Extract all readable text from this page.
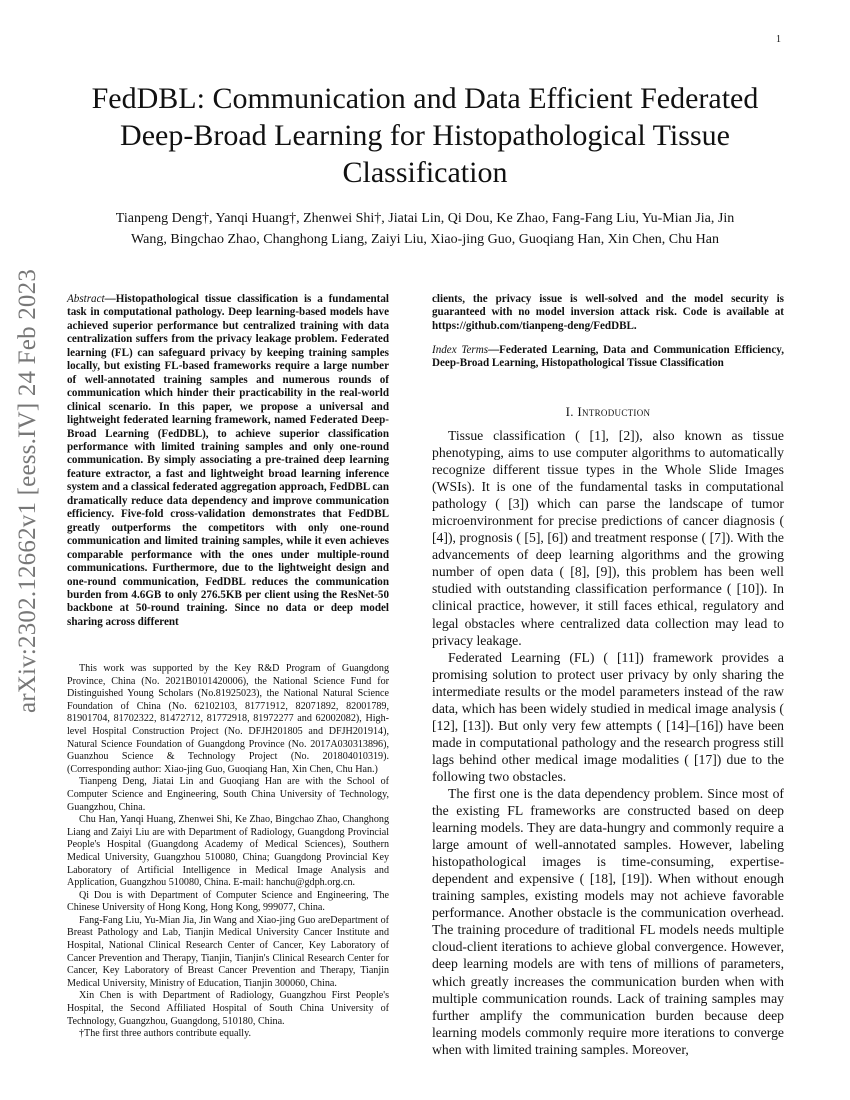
1
arXiv:2302.12662v1 [eess.IV] 24 Feb 2023
FedDBL: Communication and Data Efficient Federated Deep-Broad Learning for Histopathological Tissue Classification
Tianpeng Deng†, Yanqi Huang†, Zhenwei Shi†, Jiatai Lin, Qi Dou, Ke Zhao, Fang-Fang Liu, Yu-Mian Jia, Jin
Wang, Bingchao Zhao, Changhong Liang, Zaiyi Liu, Xiao-jing Guo, Guoqiang Han, Xin Chen, Chu Han
Abstract—Histopathological tissue classification is a fundamental task in computational pathology. Deep learning-based models have achieved superior performance but centralized training with data centralization suffers from the privacy leakage problem. Federated learning (FL) can safeguard privacy by keeping training samples locally, but existing FL-based frameworks require a large number of well-annotated training samples and numerous rounds of communication which hinder their practicability in the real-world clinical scenario. In this paper, we propose a universal and lightweight federated learning framework, named Federated Deep-Broad Learning (FedDBL), to achieve superior classification performance with limited training samples and only one-round communication. By simply associating a pre-trained deep learning feature extractor, a fast and lightweight broad learning inference system and a classical federated aggregation approach, FedDBL can dramatically reduce data dependency and improve communication efficiency. Five-fold cross-validation demonstrates that FedDBL greatly outperforms the competitors with only one-round communication and limited training samples, while it even achieves comparable performance with the ones under multiple-round communications. Furthermore, due to the lightweight design and one-round communication, FedDBL reduces the communication burden from 4.6GB to only 276.5KB per client using the ResNet-50 backbone at 50-round training. Since no data or deep model sharing across different

This work was supported by the Key R&D Program of Guangdong Province, China (No. 2021B0101420006), the National Science Fund for Distinguished Young Scholars (No.81925023), the National Natural Science Foundation of China (No. 62102103, 81771912, 82071892, 82001789, 81901704, 81702322, 81472712, 81772918, 81972277 and 62002082), High-level Hospital Construction Project (No. DFJH201805 and DFJH201914), Natural Science Foundation of Guangdong Province (No. 2017A030313896), Guanzhou Science & Technology Project (No. 201804010319). (Corresponding author: Xiao-jing Guo, Guoqiang Han, Xin Chen, Chu Han.)

Tianpeng Deng, Jiatai Lin and Guoqiang Han are with the School of Computer Science and Engineering, South China University of Technology, Guangzhou, China.

Chu Han, Yanqi Huang, Zhenwei Shi, Ke Zhao, Bingchao Zhao, Changhong Liang and Zaiyi Liu are with Department of Radiology, Guangdong Provincial People's Hospital (Guangdong Academy of Medical Sciences), Southern Medical University, Guangzhou 510080, China; Guangdong Provincial Key Laboratory of Artificial Intelligence in Medical Image Analysis and Application, Guangzhou 510080, China. E-mail: hanchu@gdph.org.cn.

Qi Dou is with Department of Computer Science and Engineering, The Chinese University of Hong Kong, Hong Kong, 999077, China.

Fang-Fang Liu, Yu-Mian Jia, Jin Wang and Xiao-jing Guo areDepartment of Breast Pathology and Lab, Tianjin Medical University Cancer Institute and Hospital, National Clinical Research Center of Cancer, Key Laboratory of Cancer Prevention and Therapy, Tianjin, Tianjin's Clinical Research Center for Cancer, Key Laboratory of Breast Cancer Prevention and Therapy, Tianjin Medical University, Ministry of Education, Tianjin 300060, China.

Xin Chen is with Department of Radiology, Guangzhou First People's Hospital, the Second Affiliated Hospital of South China University of Technology, Guangzhou, Guangdong, 510180, China.

†The first three authors contribute equally.

clients, the privacy issue is well-solved and the model security is guaranteed with no model inversion attack risk. Code is available at https://github.com/tianpeng-deng/FedDBL.
Index Terms—Federated Learning, Data and Communication Efficiency, Deep-Broad Learning, Histopathological Tissue Classification
I. Introduction

Tissue classification ( [1], [2]), also known as tissue phenotyping, aims to use computer algorithms to automatically recognize different tissue types in the Whole Slide Images (WSIs). It is one of the fundamental tasks in computational pathology ( [3]) which can parse the landscape of tumor microenvironment for precise predictions of cancer diagnosis ( [4]), prognosis ( [5], [6]) and treatment response ( [7]). With the advancements of deep learning algorithms and the growing number of open data ( [8], [9]), this problem has been well studied with outstanding classification performance ( [10]). In clinical practice, however, it still faces ethical, regulatory and legal obstacles where centralized data collection may lead to privacy leakage.

Federated Learning (FL) ( [11]) framework provides a promising solution to protect user privacy by only sharing the intermediate results or the model parameters instead of the raw data, which has been widely studied in medical image analysis ( [12], [13]). But only very few attempts ( [14]–[16]) have been made in computational pathology and the research progress still lags behind other medical image modalities ( [17]) due to the following two obstacles.

The first one is the data dependency problem. Since most of the existing FL frameworks are constructed based on deep learning models. They are data-hungry and commonly require a large amount of well-annotated samples. However, labeling histopathological images is time-consuming, expertise-dependent and expensive ( [18], [19]). When without enough training samples, existing models may not achieve favorable performance. Another obstacle is the communication overhead. The training procedure of traditional FL models needs multiple cloud-client iterations to achieve global convergence. However, deep learning models are with tens of millions of parameters, which greatly increases the communication burden when with multiple communication rounds. Lack of training samples may further amplify the communication burden because deep learning models commonly require more iterations to converge when with limited training samples. Moreover,
